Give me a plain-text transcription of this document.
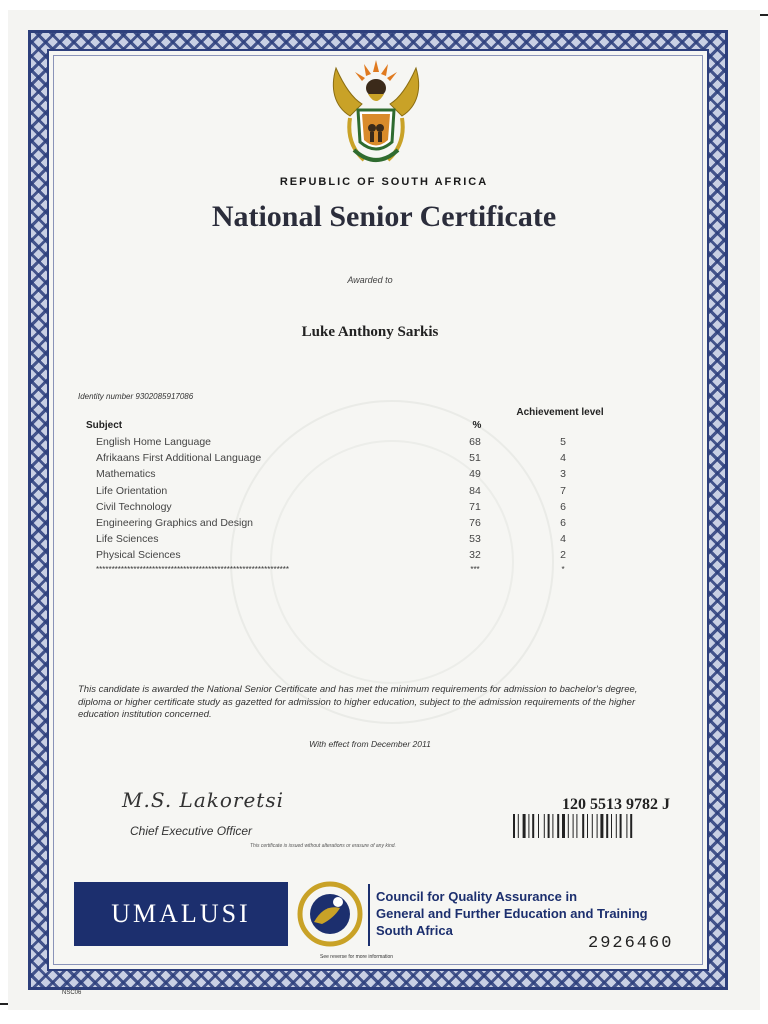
REPUBLIC OF SOUTH AFRICA
National Senior Certificate
Awarded to
Luke Anthony Sarkis
Identity number 9302085917086
Achievement level
Subject	%
English Home Language	68	5
Afrikaans First Additional Language	51	4
Mathematics	49	3
Life Orientation	84	7
Civil Technology	71	6
Engineering Graphics and Design	76	6
Life Sciences	53	4
Physical Sciences	32	2
**************************************************************	***	*
This candidate is awarded the National Senior Certificate and has met the minimum requirements for admission to bachelor's degree, diploma or higher certificate study as gazetted for admission to higher education, subject to the admission requirements of the higher education institution concerned.
With effect from December 2011
M.S. Lakoretsi
Chief Executive Officer
This certificate is issued without alterations or erasure of any kind.
120 5513 9782 J
UMALUSI
Council for Quality Assurance in
General and Further Education and Training
South Africa
2926460
See reverse for more information
NSC06
